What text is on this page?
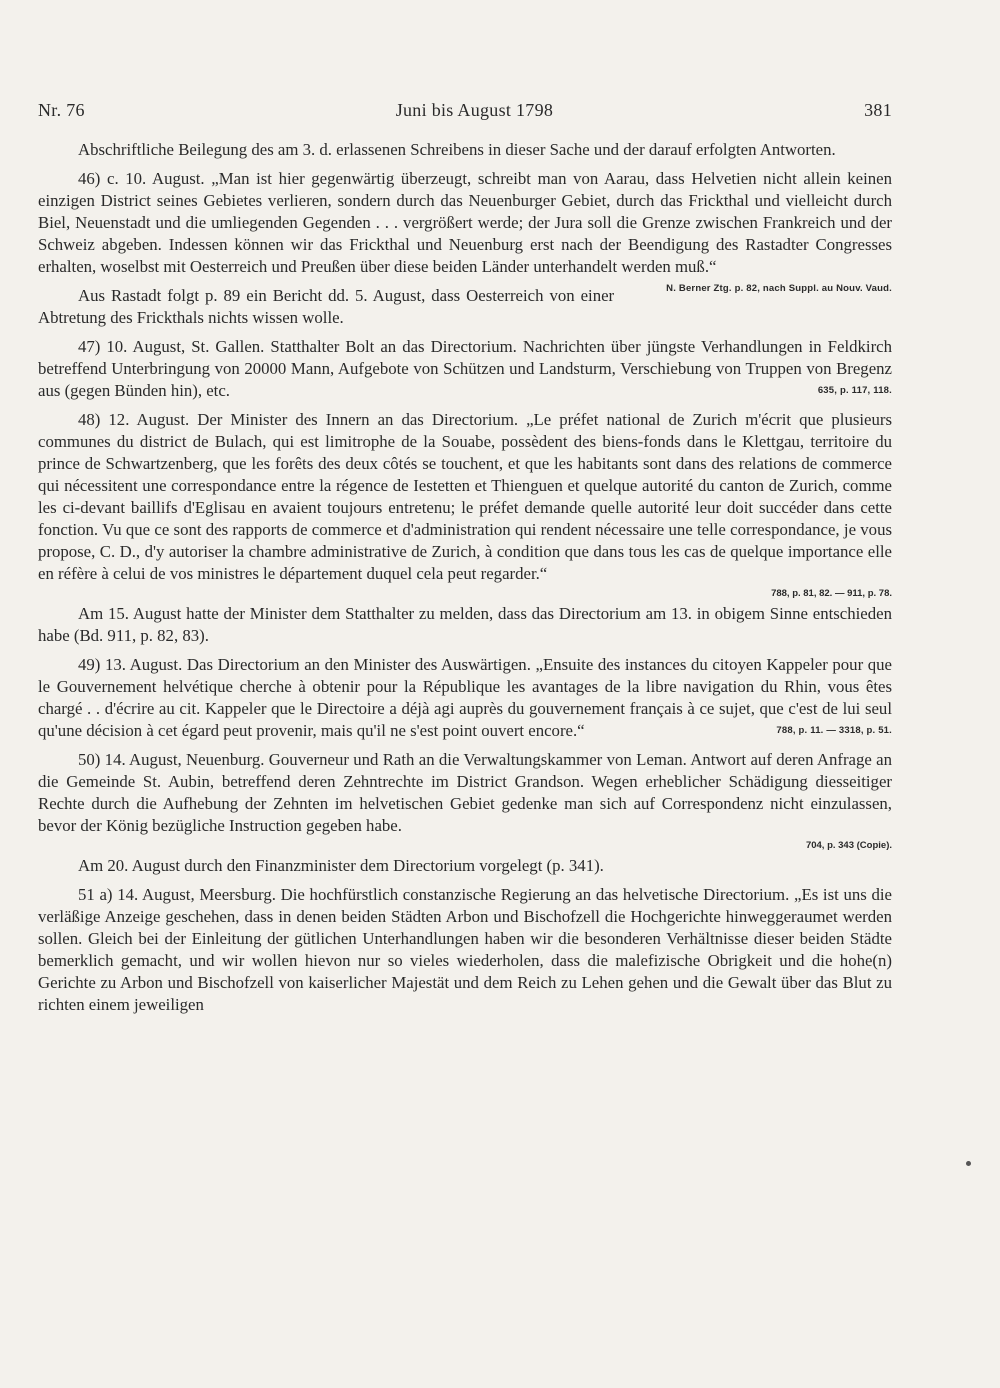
Nr. 76	Juni bis August 1798	381

Abschriftliche Beilegung des am 3. d. erlassenen Schreibens in dieser Sache und der darauf erfolgten Antworten.

46) c. 10. August. „Man ist hier gegenwärtig überzeugt, schreibt man von Aarau, dass Helvetien nicht allein keinen einzigen District seines Gebietes verlieren, sondern durch das Neuenburger Gebiet, durch das Frickthal und vielleicht durch Biel, Neuenstadt und die umliegenden Gegenden . . . vergrößert werde; der Jura soll die Grenze zwischen Frankreich und der Schweiz abgeben. Indessen können wir das Frickthal und Neuenburg erst nach der Beendigung des Rastadter Congresses erhalten, woselbst mit Oesterreich und Preußen über diese beiden Länder unterhandelt werden muß.“
N. Berner Ztg. p. 82, nach Suppl. au Nouv. Vaud.

Aus Rastadt folgt p. 89 ein Bericht dd. 5. August, dass Oesterreich von einer Abtretung des Frickthals nichts wissen wolle.

47) 10. August, St. Gallen. Statthalter Bolt an das Directorium. Nachrichten über jüngste Verhandlungen in Feldkirch betreffend Unterbringung von 20000 Mann, Aufgebote von Schützen und Landsturm, Verschiebung von Truppen von Bregenz aus (gegen Bünden hin), etc.	635, p. 117, 118.

48) 12. August. Der Minister des Innern an das Directorium. „Le préfet national de Zurich m'écrit que plusieurs communes du district de Bulach, qui est limitrophe de la Souabe, possèdent des biens-fonds dans le Klettgau, territoire du prince de Schwartzenberg, que les forêts des deux côtés se touchent, et que les habitants sont dans des relations de commerce qui nécessitent une correspondance entre la régence de Iestetten et Thienguen et quelque autorité du canton de Zurich, comme les ci-devant baillifs d'Eglisau en avaient toujours entretenu; le préfet demande quelle autorité leur doit succéder dans cette fonction. Vu que ce sont des rapports de commerce et d'administration qui rendent nécessaire une telle correspondance, je vous propose, C. D., d'y autoriser la chambre administrative de Zurich, à condition que dans tous les cas de quelque importance elle en réfère à celui de vos ministres le département duquel cela peut regarder.“

788, p. 81, 82. — 911, p. 78.

Am 15. August hatte der Minister dem Statthalter zu melden, dass das Directorium am 13. in obigem Sinne entschieden habe (Bd. 911, p. 82, 83).

49) 13. August. Das Directorium an den Minister des Auswärtigen. „Ensuite des instances du citoyen Kappeler pour que le Gouvernement helvétique cherche à obtenir pour la République les avantages de la libre navigation du Rhin, vous êtes chargé . . d'écrire au cit. Kappeler que le Directoire a déjà agi auprès du gouvernement français à ce sujet, que c'est de lui seul qu'une décision à cet égard peut provenir, mais qu'il ne s'est point ouvert encore.“	788, p. 11. — 3318, p. 51.

50) 14. August, Neuenburg. Gouverneur und Rath an die Verwaltungskammer von Leman. Antwort auf deren Anfrage an die Gemeinde St. Aubin, betreffend deren Zehntrechte im District Grandson. Wegen erheblicher Schädigung diesseitiger Rechte durch die Aufhebung der Zehnten im helvetischen Gebiet gedenke man sich auf Correspondenz nicht einzulassen, bevor der König bezügliche Instruction gegeben habe.

704, p. 343 (Copie).

Am 20. August durch den Finanzminister dem Directorium vorgelegt (p. 341).

51 a) 14. August, Meersburg. Die hochfürstlich constanzische Regierung an das helvetische Directorium. „Es ist uns die verläßige Anzeige geschehen, dass in denen beiden Städten Arbon und Bischofzell die Hochgerichte hinweggeraumet werden sollen. Gleich bei der Einleitung der gütlichen Unterhandlungen haben wir die besonderen Verhältnisse dieser beiden Städte bemerklich gemacht, und wir wollen hievon nur so vieles wiederholen, dass die malefizische Obrigkeit und die hohe(n) Gerichte zu Arbon und Bischofzell von kaiserlicher Majestät und dem Reich zu Lehen gehen und die Gewalt über das Blut zu richten einem jeweiligen
